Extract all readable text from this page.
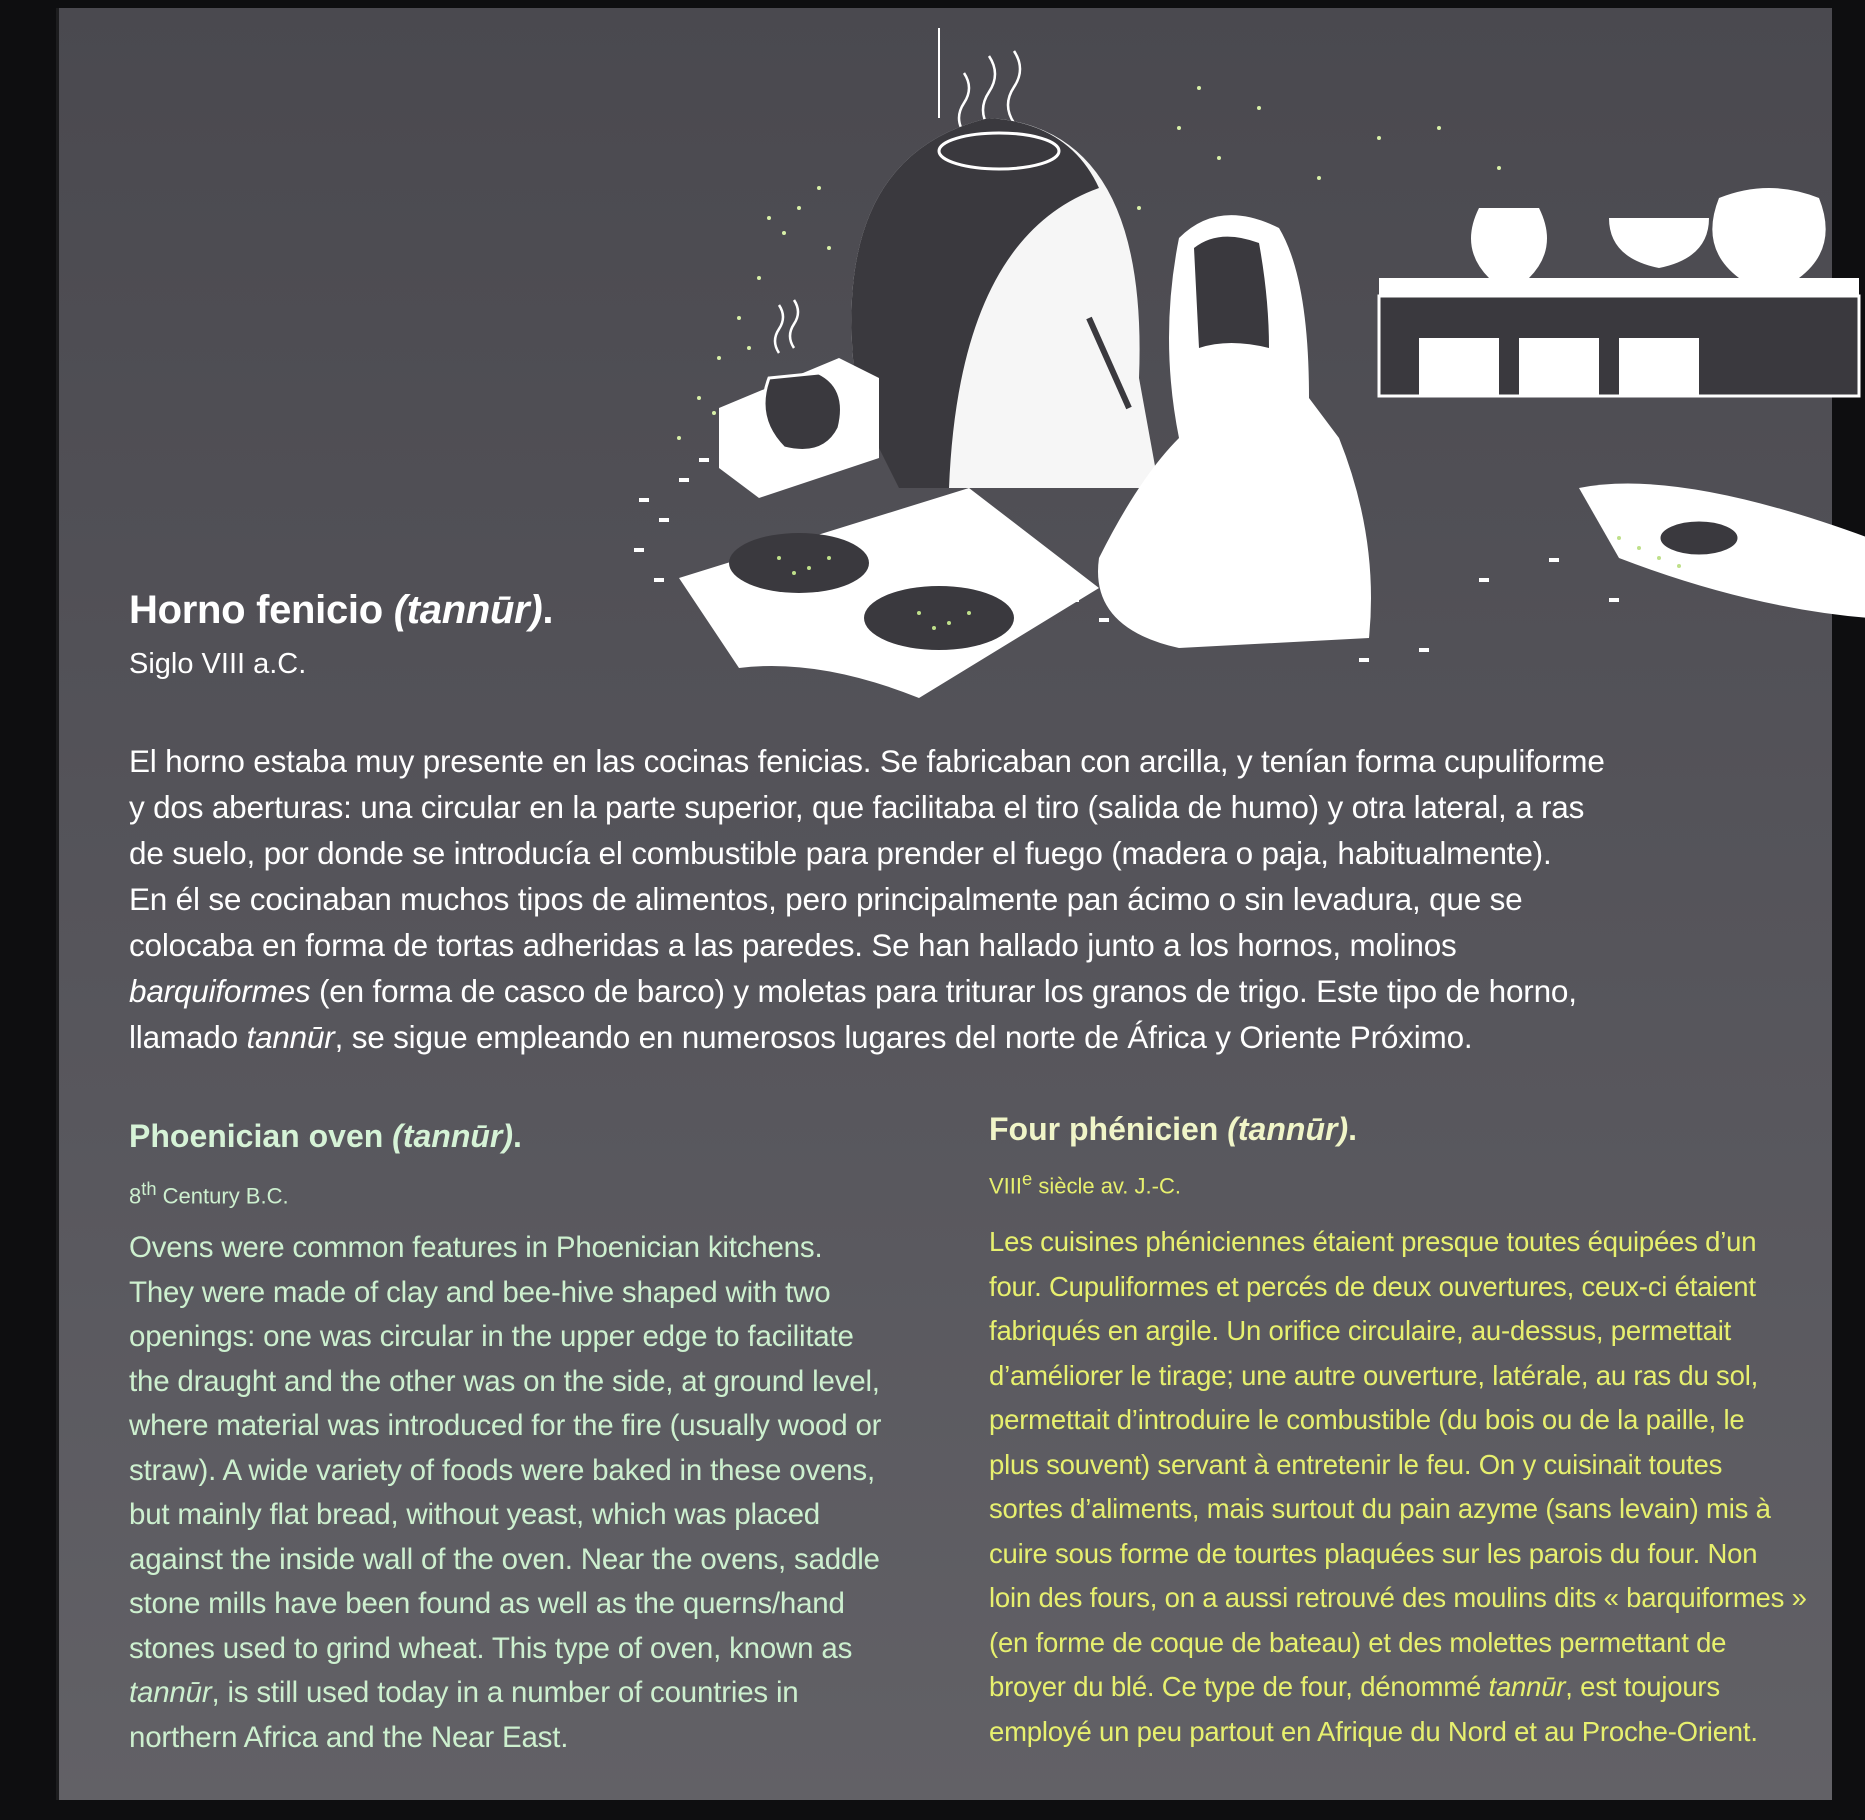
Horno fenicio (tannūr).

Siglo VIII a.C.

El horno estaba muy presente en las cocinas fenicias. Se fabricaban con arcilla, y tenían forma cupuliforme
y dos aberturas: una circular en la parte superior, que facilitaba el tiro (salida de humo) y otra lateral, a ras
de suelo, por donde se introducía el combustible para prender el fuego (madera o paja, habitualmente).
En él se cocinaban muchos tipos de alimentos, pero principalmente pan ácimo o sin levadura, que se
colocaba en forma de tortas adheridas a las paredes. Se han hallado junto a los hornos, molinos
barquiformes (en forma de casco de barco) y moletas para triturar los granos de trigo. Este tipo de horno,
llamado tannūr, se sigue empleando en numerosos lugares del norte de África y Oriente Próximo.

Phoenician oven (tannūr).

8th Century B.C.

Ovens were common features in Phoenician kitchens.
They were made of clay and bee-hive shaped with two
openings: one was circular in the upper edge to facilitate
the draught and the other was on the side, at ground level,
where material was introduced for the fire (usually wood or
straw). A wide variety of foods were baked in these ovens,
but mainly flat bread, without yeast, which was placed
against the inside wall of the oven. Near the ovens, saddle
stone mills have been found as well as the querns/hand
stones used to grind wheat. This type of oven, known as
tannūr, is still used today in a number of countries in
northern Africa and the Near East.

Four phénicien (tannūr).

VIIIe siècle av. J.-C.

Les cuisines phéniciennes étaient presque toutes équipées d’un
four. Cupuliformes et percés de deux ouvertures, ceux-ci étaient
fabriqués en argile. Un orifice circulaire, au-dessus, permettait
d’améliorer le tirage; une autre ouverture, latérale, au ras du sol,
permettait d’introduire le combustible (du bois ou de la paille, le
plus souvent) servant à entretenir le feu. On y cuisinait toutes
sortes d’aliments, mais surtout du pain azyme (sans levain) mis à
cuire sous forme de tourtes plaquées sur les parois du four. Non
loin des fours, on a aussi retrouvé des moulins dits « barquiformes »
(en forme de coque de bateau) et des molettes permettant de
broyer du blé. Ce type de four, dénommé tannūr, est toujours
employé un peu partout en Afrique du Nord et au Proche-Orient.
